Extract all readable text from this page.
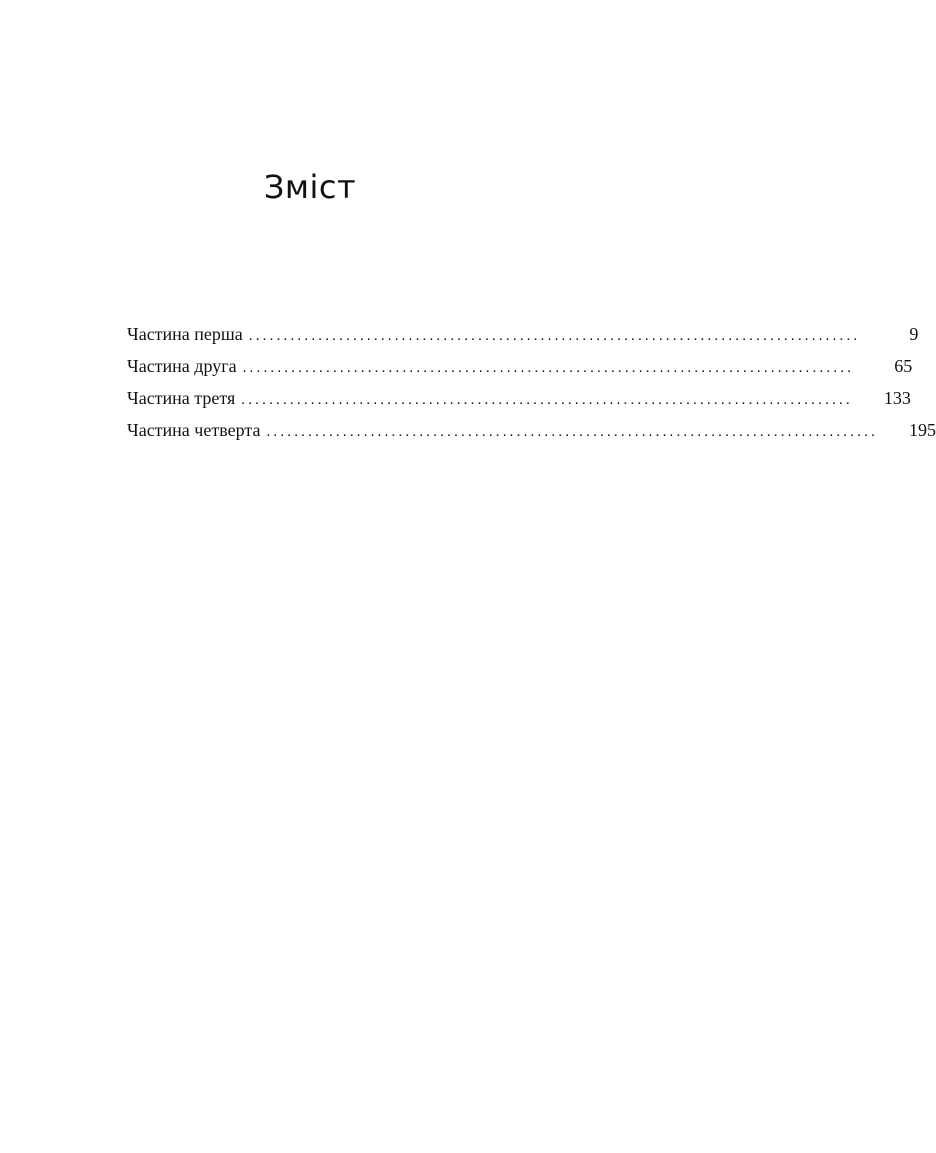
Зміст
Частина перша ........................................................................................	9
Частина друга ........................................................................................	65
Частина третя ........................................................................................ 133
Частина четверта ........................................................................................ 195
